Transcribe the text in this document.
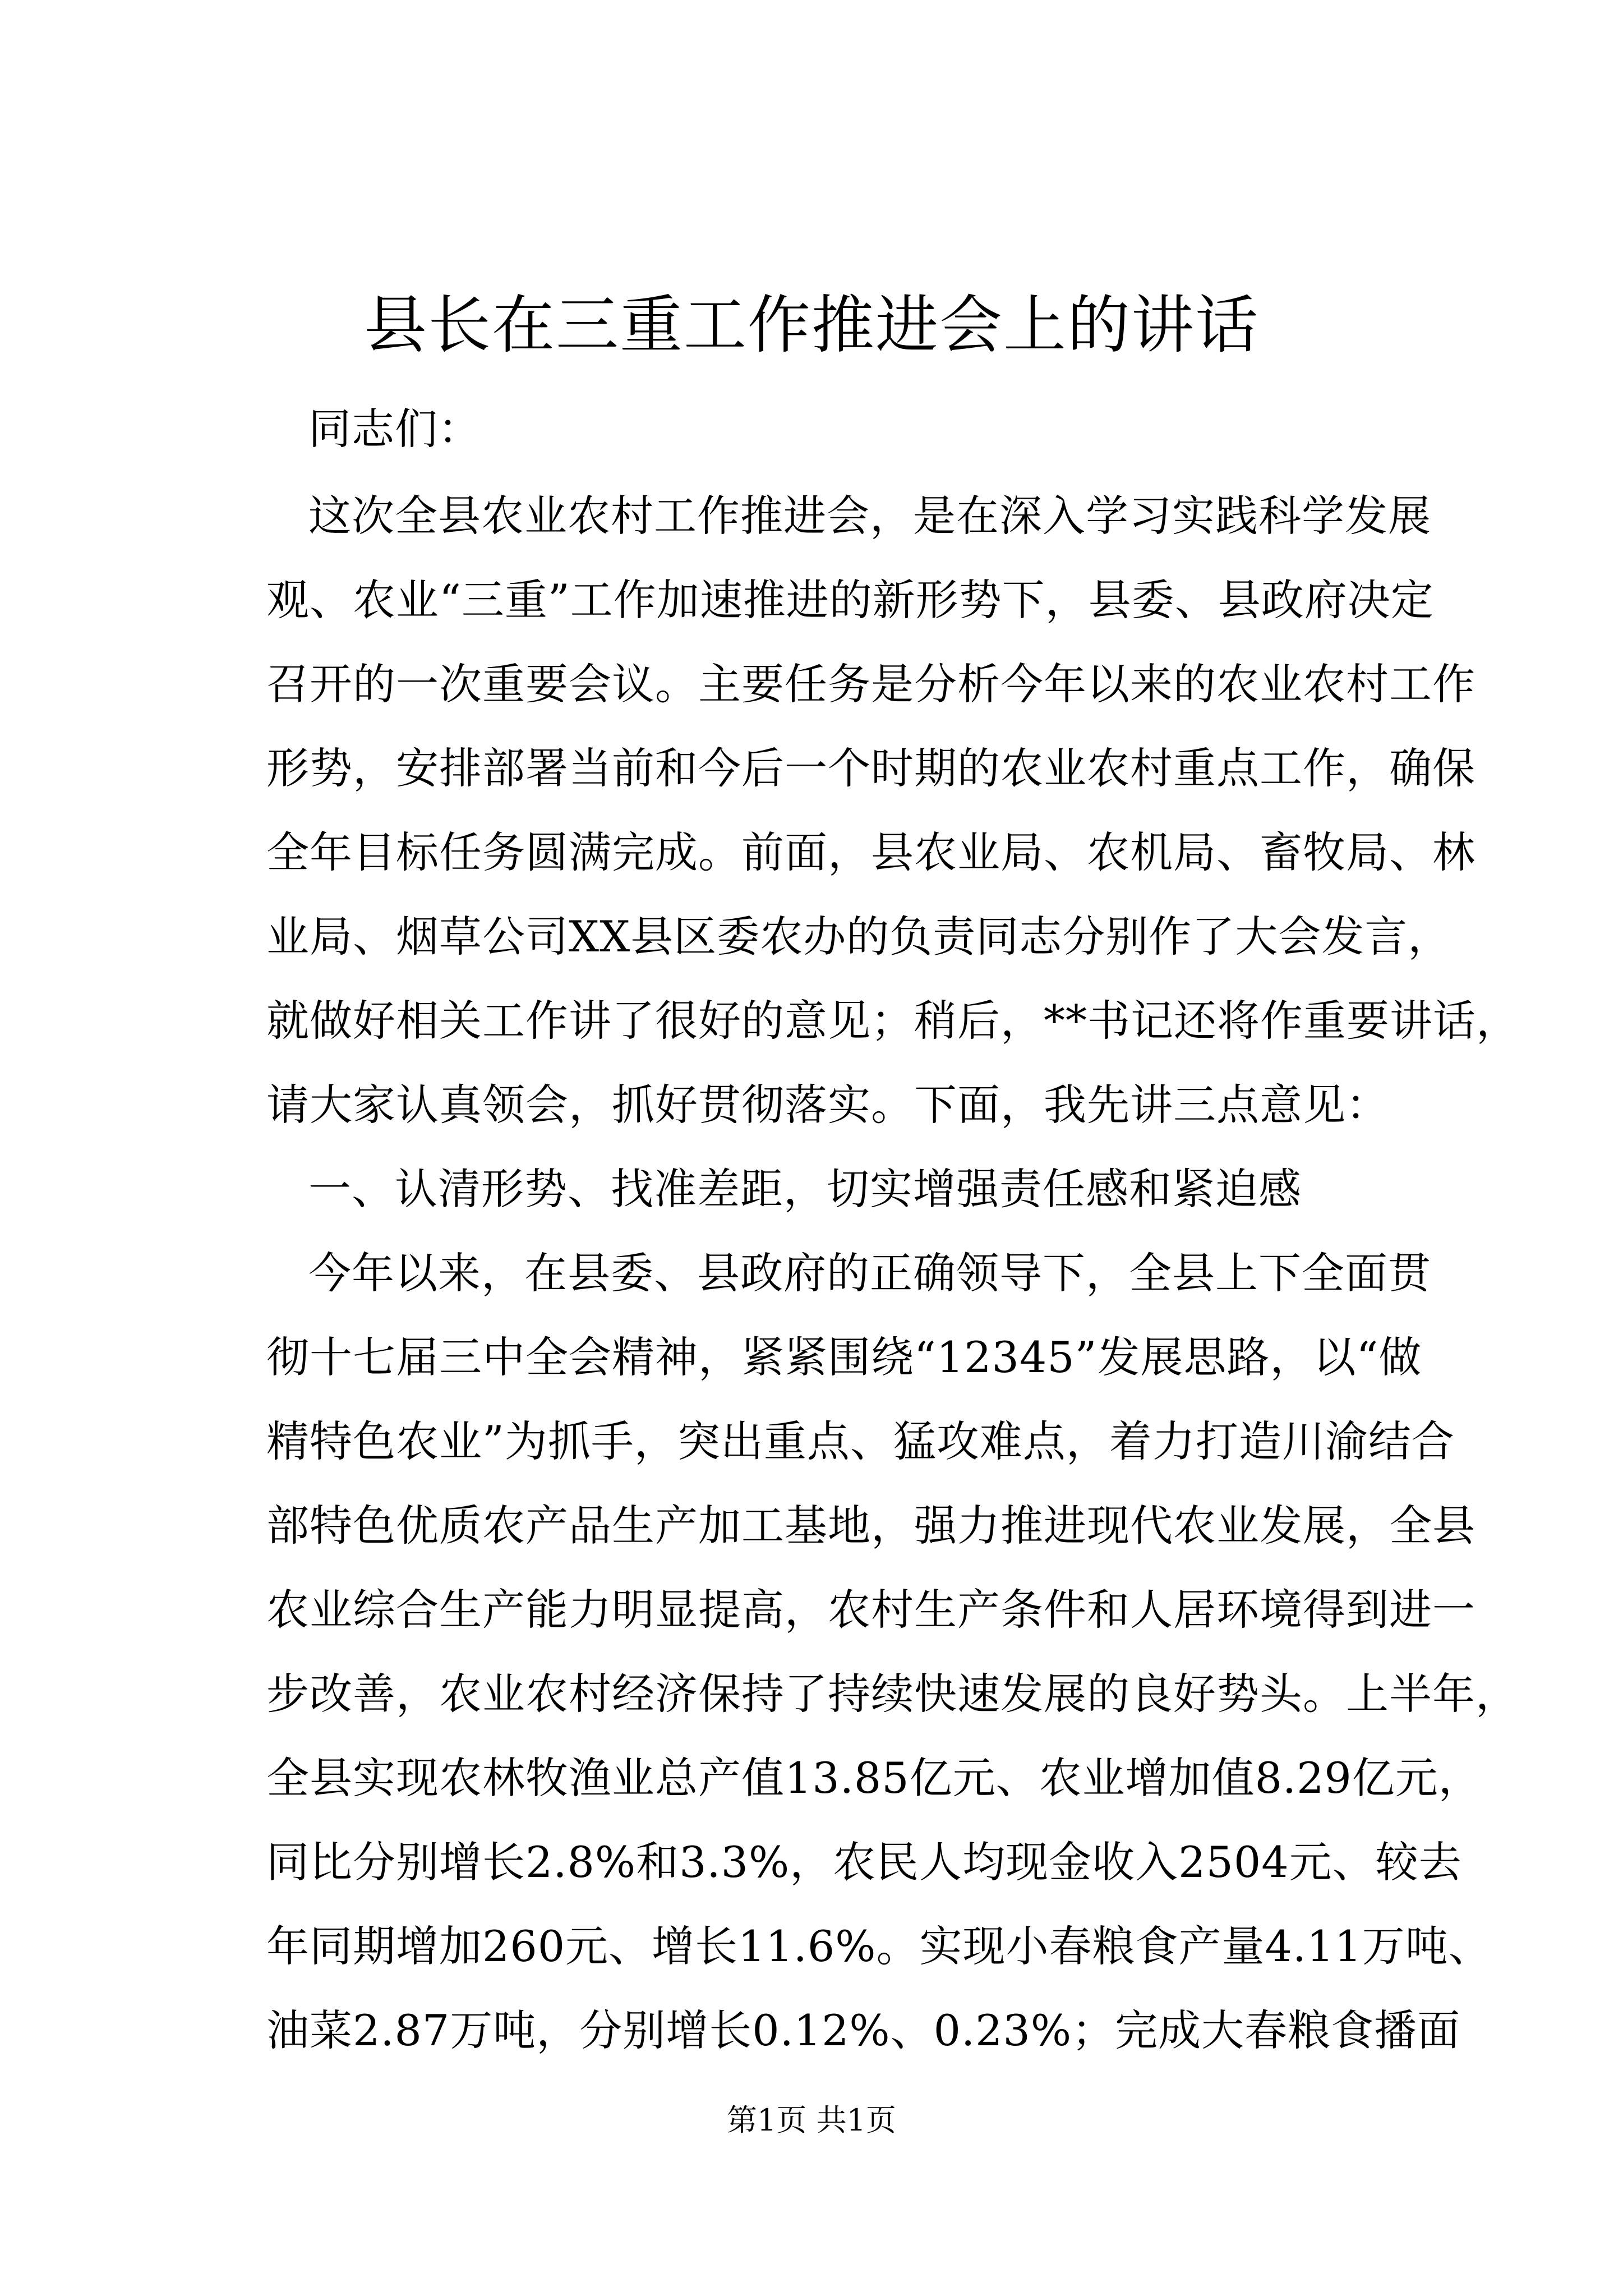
县长在三重工作推进会上的讲话
同志们：
这次全县农业农村工作推进会，是在深入学习实践科学发展
观、农业“三重”工作加速推进的新形势下，县委、县政府决定
召开的一次重要会议。主要任务是分析今年以来的农业农村工作
形势，安排部署当前和今后一个时期的农业农村重点工作，确保
全年目标任务圆满完成。前面，县农业局、农机局、畜牧局、林
业局、烟草公司XX县区委农办的负责同志分别作了大会发言，
就做好相关工作讲了很好的意见；稍后，**书记还将作重要讲话，
请大家认真领会，抓好贯彻落实。下面，我先讲三点意见：
一、认清形势、找准差距，切实增强责任感和紧迫感
今年以来，在县委、县政府的正确领导下，全县上下全面贯
彻十七届三中全会精神，紧紧围绕“12345”发展思路，以“做
精特色农业”为抓手，突出重点、猛攻难点，着力打造川渝结合
部特色优质农产品生产加工基地，强力推进现代农业发展，全县
农业综合生产能力明显提高，农村生产条件和人居环境得到进一
步改善，农业农村经济保持了持续快速发展的良好势头。上半年，
全县实现农林牧渔业总产值13.85亿元、农业增加值8.29亿元，
同比分别增长2.8%和3.3%，农民人均现金收入2504元、较去
年同期增加260元、增长11.6%。实现小春粮食产量4.11万吨、
油菜2.87万吨，分别增长0.12%、0.23%；完成大春粮食播面
第1页 共1页
